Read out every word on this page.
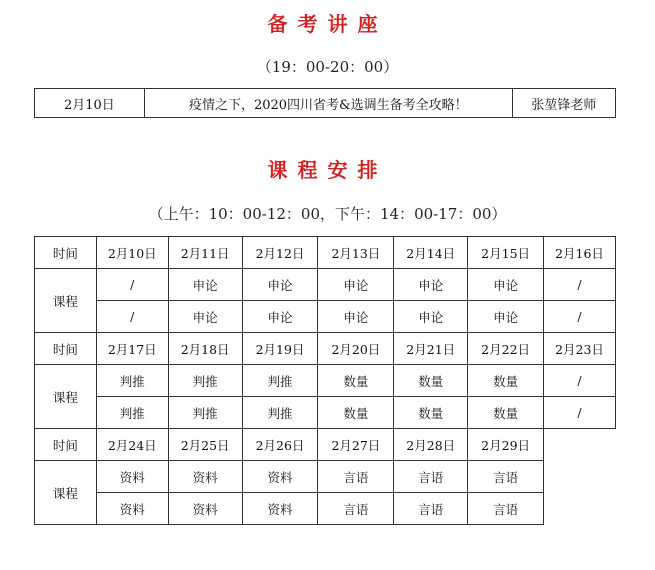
备考讲座
（19：00-20：00）
2月10日	疫情之下，2020四川省考&选调生备考全攻略！	张堃锋老师
课程安排
（上午：10：00-12：00，下午：14：00-17：00）
时间	2月10日	2月11日	2月12日	2月13日	2月14日	2月15日	2月16日
课程	/	申论	申论	申论	申论	申论	/
	/	申论	申论	申论	申论	申论	/
时间	2月17日	2月18日	2月19日	2月20日	2月21日	2月22日	2月23日
课程	判推	判推	判推	数量	数量	数量	/
	判推	判推	判推	数量	数量	数量	/
时间	2月24日	2月25日	2月26日	2月27日	2月28日	2月29日	
课程	资料	资料	资料	言语	言语	言语	
	资料	资料	资料	言语	言语	言语	
